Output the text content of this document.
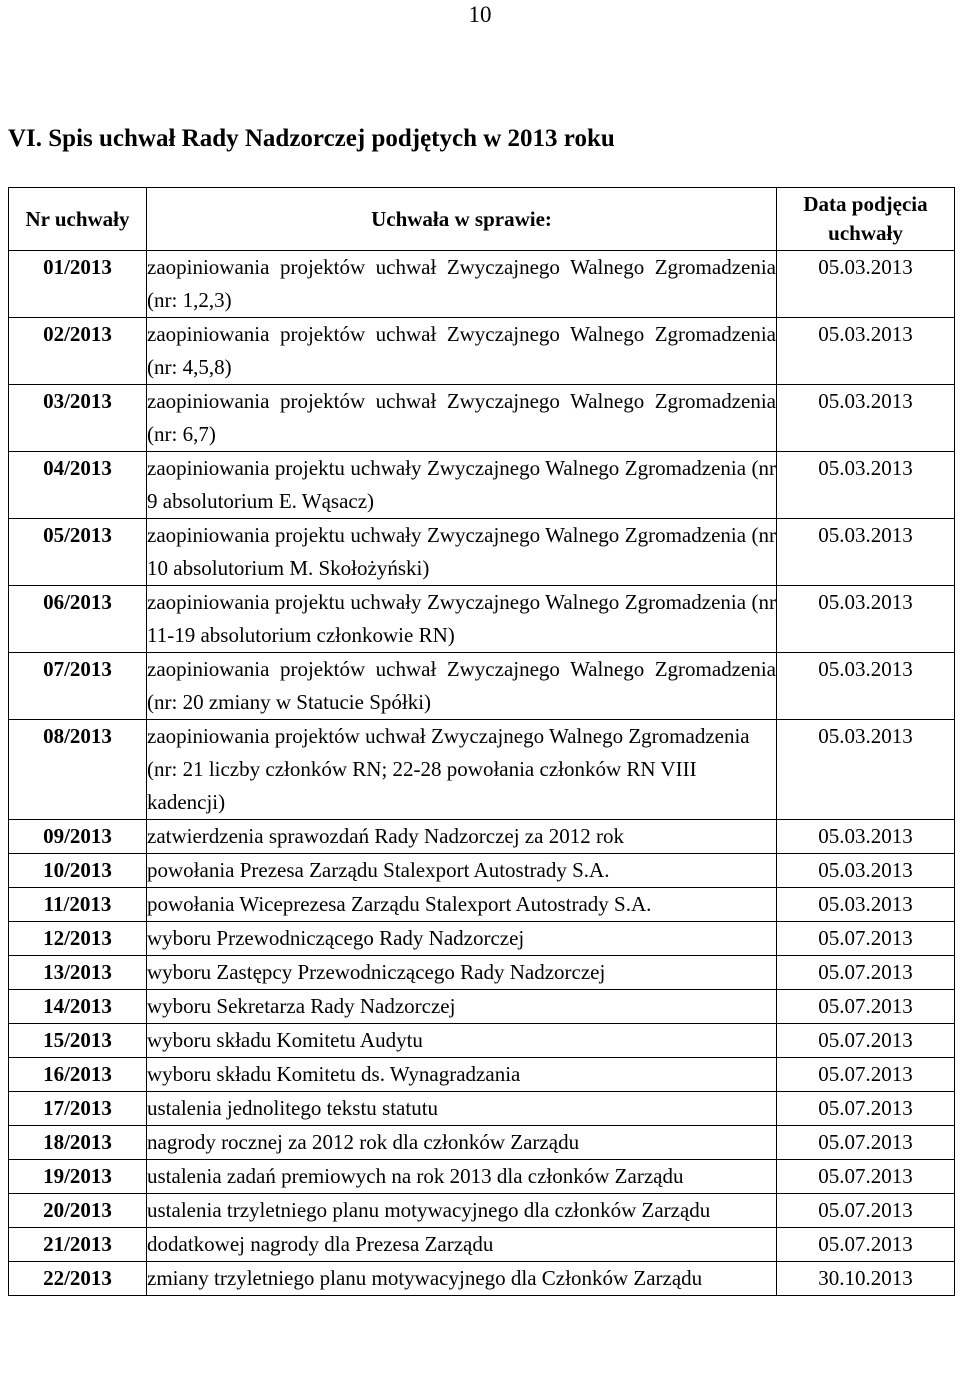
10
VI. Spis uchwał Rady Nadzorczej podjętych w 2013 roku
Nr uchwały	Uchwała w sprawie:	Data podjęcia uchwały
01/2013	zaopiniowania projektów uchwał Zwyczajnego Walnego Zgromadzenia (nr: 1,2,3)	05.03.2013
02/2013	zaopiniowania projektów uchwał Zwyczajnego Walnego Zgromadzenia (nr: 4,5,8)	05.03.2013
03/2013	zaopiniowania projektów uchwał Zwyczajnego Walnego Zgromadzenia (nr: 6,7)	05.03.2013
04/2013	zaopiniowania projektu uchwały Zwyczajnego Walnego Zgromadzenia (nr 9 absolutorium E. Wąsacz)	05.03.2013
05/2013	zaopiniowania projektu uchwały Zwyczajnego Walnego Zgromadzenia (nr 10 absolutorium M. Skołożyński)	05.03.2013
06/2013	zaopiniowania projektu uchwały Zwyczajnego Walnego Zgromadzenia (nr 11-19 absolutorium członkowie RN)	05.03.2013
07/2013	zaopiniowania projektów uchwał Zwyczajnego Walnego Zgromadzenia (nr: 20 zmiany w Statucie Spółki)	05.03.2013
08/2013	zaopiniowania projektów uchwał Zwyczajnego Walnego Zgromadzenia (nr: 21 liczby członków RN; 22-28 powołania członków RN VIII kadencji)	05.03.2013
09/2013	zatwierdzenia sprawozdań Rady Nadzorczej za 2012 rok	05.03.2013
10/2013	powołania Prezesa Zarządu Stalexport Autostrady S.A.	05.03.2013
11/2013	powołania Wiceprezesa Zarządu Stalexport Autostrady S.A.	05.03.2013
12/2013	wyboru Przewodniczącego Rady Nadzorczej	05.07.2013
13/2013	wyboru Zastępcy Przewodniczącego Rady Nadzorczej	05.07.2013
14/2013	wyboru Sekretarza Rady Nadzorczej	05.07.2013
15/2013	wyboru składu Komitetu Audytu	05.07.2013
16/2013	wyboru składu Komitetu ds. Wynagradzania	05.07.2013
17/2013	ustalenia jednolitego tekstu statutu	05.07.2013
18/2013	nagrody rocznej za 2012 rok dla członków Zarządu	05.07.2013
19/2013	ustalenia zadań premiowych na rok 2013 dla członków Zarządu	05.07.2013
20/2013	ustalenia trzyletniego planu motywacyjnego dla członków Zarządu	05.07.2013
21/2013	dodatkowej nagrody dla Prezesa Zarządu	05.07.2013
22/2013	zmiany trzyletniego planu motywacyjnego dla Członków Zarządu	30.10.2013
